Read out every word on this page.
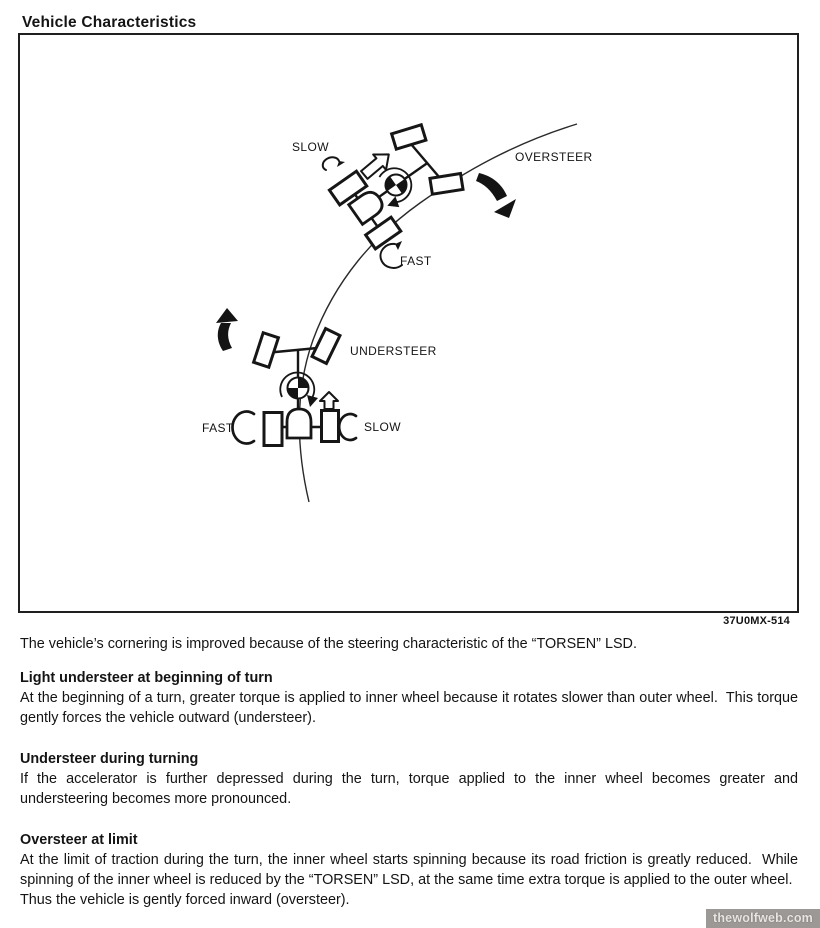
Vehicle Characteristics
SLOW
OVERSTEER
FAST
UNDERSTEER
FAST	SLOW
37U0MX-514

The vehicle’s cornering is improved because of the steering characteristic of the “TORSEN” LSD.

Light understeer at beginning of turn

At the beginning of a turn, greater torque is applied to inner wheel because it rotates slower than outer wheel.  This torque gently forces the vehicle outward (understeer).

Understeer during turning

If the accelerator is further depressed during the turn, torque applied to the inner wheel becomes greater and understeering becomes more pronounced.

Oversteer at limit

At the limit of traction during the turn, the inner wheel starts spinning because its road friction is greatly reduced.  While spinning of the inner wheel is reduced by the “TORSEN” LSD, at the same time extra torque is applied to the outer wheel.

Thus the vehicle is gently forced inward (oversteer).

thewolfweb.com
